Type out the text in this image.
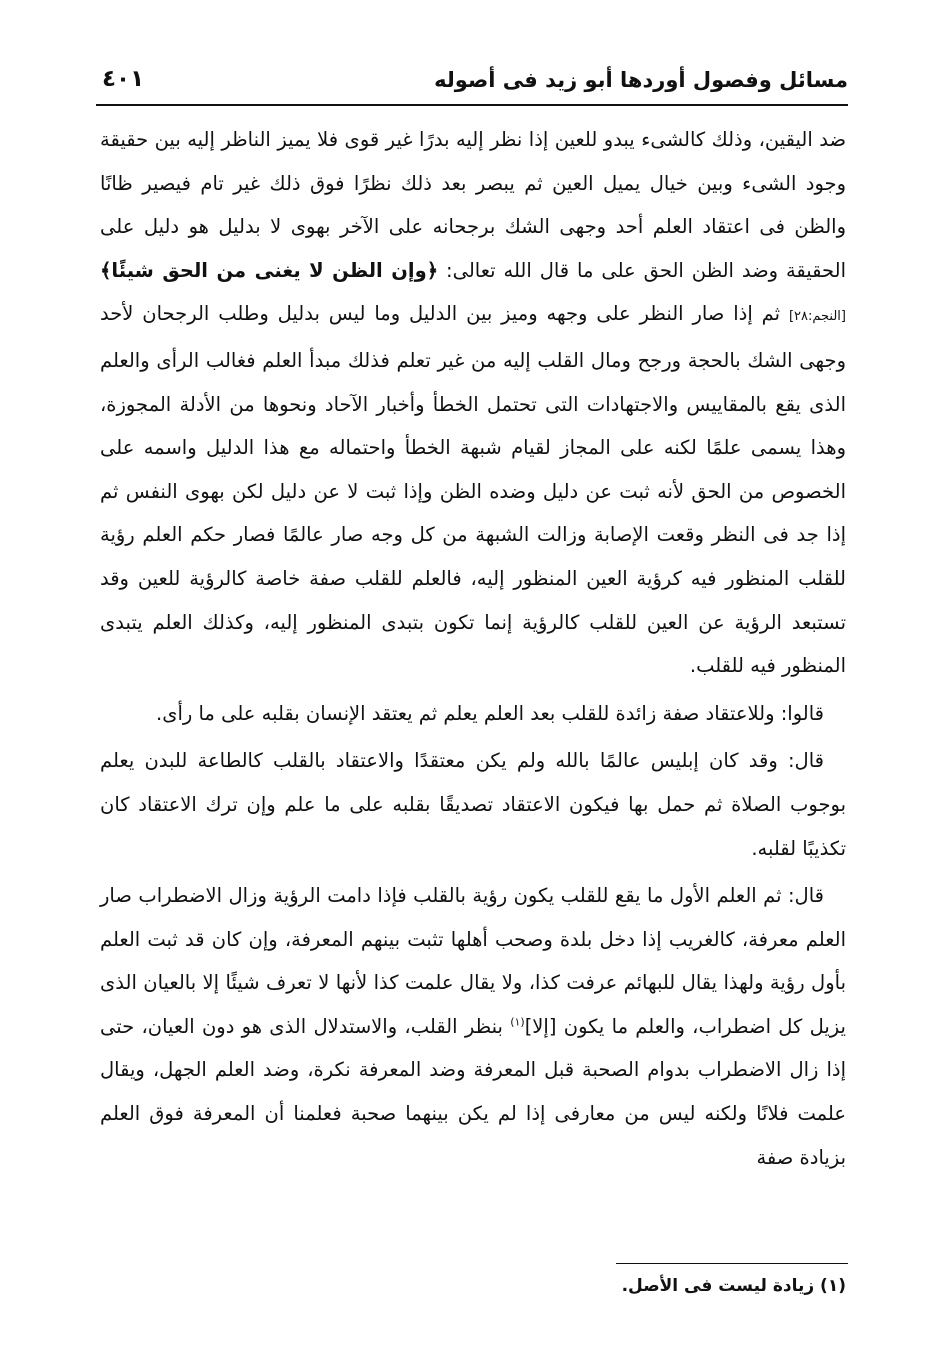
مسائل وفصول أوردها أبو زيد فى أصوله
٤٠١

ضد اليقين، وذلك كالشىء يبدو للعين إذا نظر إليه بدرًا غير قوى فلا يميز الناظر إليه بين حقيقة وجود الشىء وبين خيال يميل العين ثم يبصر بعد ذلك نظرًا فوق ذلك غير تام فيصير ظانًا والظن فى اعتقاد العلم أحد وجهى الشك برجحانه على الآخر بهوى لا بدليل هو دليل على الحقيقة وضد الظن الحق على ما قال الله تعالى: ﴿وإن الظن لا يغنى من الحق شيئًا﴾ [النجم:٢٨] ثم إذا صار النظر على وجهه وميز بين الدليل وما ليس بدليل وطلب الرجحان لأحد وجهى الشك بالحجة ورجح ومال القلب إليه من غير تعلم فذلك مبدأ العلم فغالب الرأى والعلم الذى يقع بالمقاييس والاجتهادات التى تحتمل الخطأ وأخبار الآحاد ونحوها من الأدلة المجوزة، وهذا يسمى علمًا لكنه على المجاز لقيام شبهة الخطأ واحتماله مع هذا الدليل واسمه على الخصوص من الحق لأنه ثبت عن دليل وضده الظن وإذا ثبت لا عن دليل لكن بهوى النفس ثم إذا جد فى النظر وقعت الإصابة وزالت الشبهة من كل وجه صار عالمًا فصار حكم العلم رؤية للقلب المنظور فيه كرؤية العين المنظور إليه، فالعلم للقلب صفة خاصة كالرؤية للعين وقد تستبعد الرؤية عن العين للقلب كالرؤية إنما تكون بتبدى المنظور إليه، وكذلك العلم يتبدى المنظور فيه للقلب.

قالوا: وللاعتقاد صفة زائدة للقلب بعد العلم يعلم ثم يعتقد الإنسان بقلبه على ما رأى.

قال: وقد كان إبليس عالمًا بالله ولم يكن معتقدًا والاعتقاد بالقلب كالطاعة للبدن يعلم بوجوب الصلاة ثم حمل بها فيكون الاعتقاد تصديقًا بقلبه على ما علم وإن ترك الاعتقاد كان تكذيبًا لقلبه.

قال: ثم العلم الأول ما يقع للقلب يكون رؤية بالقلب فإذا دامت الرؤية وزال الاضطراب صار العلم معرفة، كالغريب إذا دخل بلدة وصحب أهلها تثبت بينهم المعرفة، وإن كان قد ثبت العلم بأول رؤية ولهذا يقال للبهائم عرفت كذا، ولا يقال علمت كذا لأنها لا تعرف شيئًا إلا بالعيان الذى يزيل كل اضطراب، والعلم ما يكون [إلا]$^{(١)}$ بنظر القلب، والاستدلال الذى هو دون العيان، حتى إذا زال الاضطراب بدوام الصحبة قبل المعرفة وضد المعرفة نكرة، وضد العلم الجهل، ويقال علمت فلانًا ولكنه ليس من معارفى إذا لم يكن بينهما صحبة فعلمنا أن المعرفة فوق العلم بزيادة صفة

(١) زيادة ليست فى الأصل.
